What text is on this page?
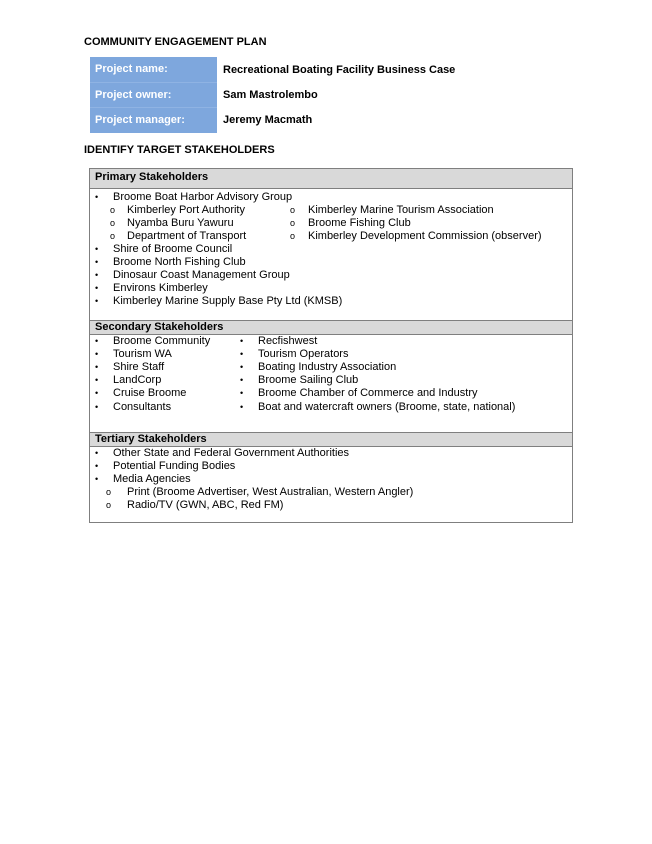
COMMUNITY ENGAGEMENT PLAN
Project name:	Recreational Boating Facility Business Case
Project owner:	Sam Mastrolembo
Project manager:	Jeremy Macmath
IDENTIFY TARGET STAKEHOLDERS
Primary Stakeholders
• Broome Boat Harbor Advisory Group
o Kimberley Port Authority	o Kimberley Marine Tourism Association
o Nyamba Buru Yawuru	o Broome Fishing Club
o Department of Transport	o Kimberley Development Commission (observer)
• Shire of Broome Council
• Broome North Fishing Club
• Dinosaur Coast Management Group
• Environs Kimberley
• Kimberley Marine Supply Base Pty Ltd (KMSB)
Secondary Stakeholders
• Broome Community	• Recfishwest
• Tourism WA	• Tourism Operators
• Shire Staff	• Boating Industry Association
• LandCorp	• Broome Sailing Club
• Cruise Broome	• Broome Chamber of Commerce and Industry
• Consultants	• Boat and watercraft owners (Broome, state, national)
Tertiary Stakeholders
• Other State and Federal Government Authorities
• Potential Funding Bodies
• Media Agencies
o Print (Broome Advertiser, West Australian, Western Angler)
o Radio/TV (GWN, ABC, Red FM)
